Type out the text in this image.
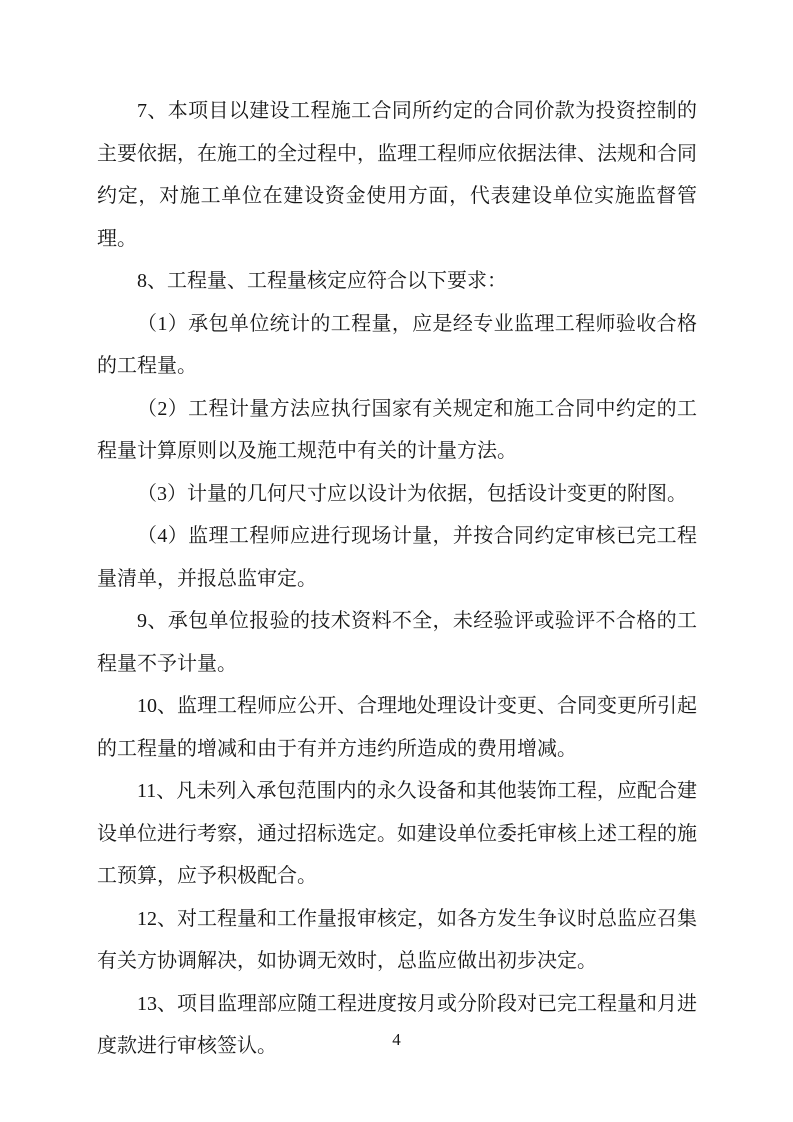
7、本项目以建设工程施工合同所约定的合同价款为投资控制的主要依据，在施工的全过程中，监理工程师应依据法律、法规和合同约定，对施工单位在建设资金使用方面，代表建设单位实施监督管理。

8、工程量、工程量核定应符合以下要求：

（1）承包单位统计的工程量，应是经专业监理工程师验收合格的工程量。

（2）工程计量方法应执行国家有关规定和施工合同中约定的工程量计算原则以及施工规范中有关的计量方法。

（3）计量的几何尺寸应以设计为依据，包括设计变更的附图。

（4）监理工程师应进行现场计量，并按合同约定审核已完工程量清单，并报总监审定。

9、承包单位报验的技术资料不全，未经验评或验评不合格的工程量不予计量。

10、监理工程师应公开、合理地处理设计变更、合同变更所引起的工程量的增减和由于有并方违约所造成的费用增减。

11、凡未列入承包范围内的永久设备和其他装饰工程，应配合建设单位进行考察，通过招标选定。如建设单位委托审核上述工程的施工预算，应予积极配合。

12、对工程量和工作量报审核定，如各方发生争议时总监应召集有关方协调解决，如协调无效时，总监应做出初步决定。

13、项目监理部应随工程进度按月或分阶段对已完工程量和月进度款进行审核签认。	4
